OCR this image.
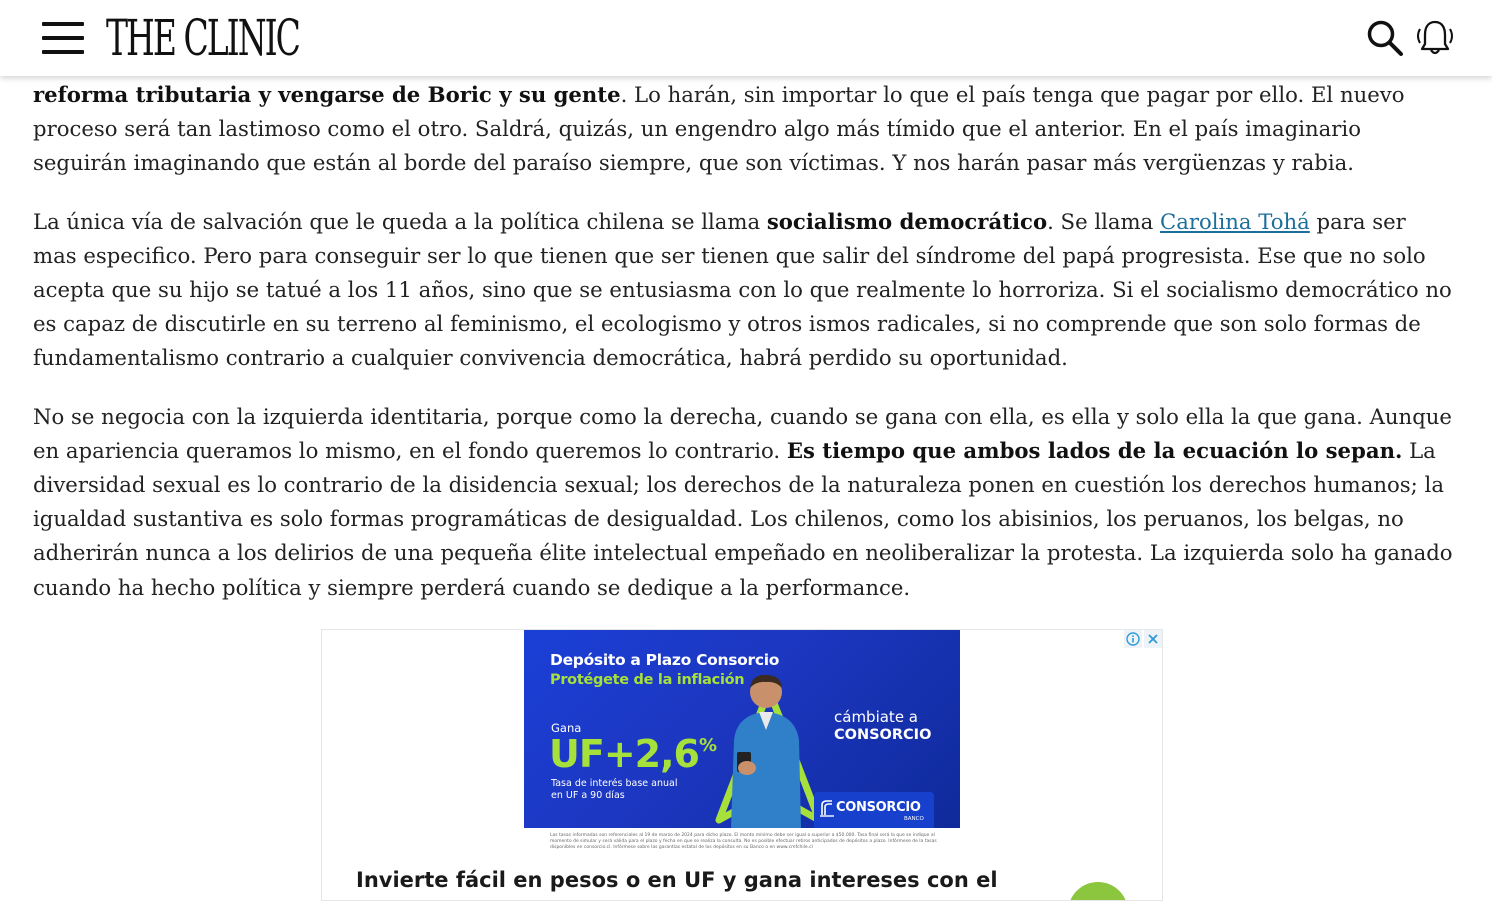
THE CLINIC

reforma tributaria y vengarse de Boric y su gente. Lo harán, sin importar lo que el país tenga que pagar por ello. El nuevo proceso será tan lastimoso como el otro. Saldrá, quizás, un engendro algo más tímido que el anterior. En el país imaginario seguirán imaginando que están al borde del paraíso siempre, que son víctimas. Y nos harán pasar más vergüenzas y rabia.

La única vía de salvación que le queda a la política chilena se llama socialismo democrático. Se llama Carolina Tohá para ser mas especifico. Pero para conseguir ser lo que tienen que ser tienen que salir del síndrome del papá progresista. Ese que no solo acepta que su hijo se tatué a los 11 años, sino que se entusiasma con lo que realmente lo horroriza. Si el socialismo democrático no es capaz de discutirle en su terreno al feminismo, el ecologismo y otros ismos radicales, si no comprende que son solo formas de fundamentalismo contrario a cualquier convivencia democrática, habrá perdido su oportunidad.

No se negocia con la izquierda identitaria, porque como la derecha, cuando se gana con ella, es ella y solo ella la que gana. Aunque en apariencia queramos lo mismo, en el fondo queremos lo contrario. Es tiempo que ambos lados de la ecuación lo sepan. La diversidad sexual es lo contrario de la disidencia sexual; los derechos de la naturaleza ponen en cuestión los derechos humanos; la igualdad sustantiva es solo formas programáticas de desigualdad. Los chilenos, como los abisinios, los peruanos, los belgas, no adherirán nunca a los delirios de una pequeña élite intelectual empeñado en neoliberalizar la protesta. La izquierda solo ha ganado cuando ha hecho política y siempre perderá cuando se dedique a la performance.

Depósito a Plazo Consorcio
Protégete de la inflación
Gana
UF+2,6%
Tasa de interés base anual en UF a 90 días
cámbiate a
CONSORCIO
CONSORCIO
BANCO
Las tasas informadas son referenciales al 19 de marzo de 2024 para dicho plazo. El monto mínimo debe ser igual o superior a $50.000. Tasa final será la que se indique al momento de simular y será válida para el plazo y fecha en que se realiza la consulta. No es posible efectuar retiros anticipados de depósitos a plazo. Infórmese de la tasas disponibles en consorcio.cl. Infórmese sobre las garantías estatal de los depósitos en su Banco o en www.cmfchile.cl
Invierte fácil en pesos o en UF y gana intereses con el
